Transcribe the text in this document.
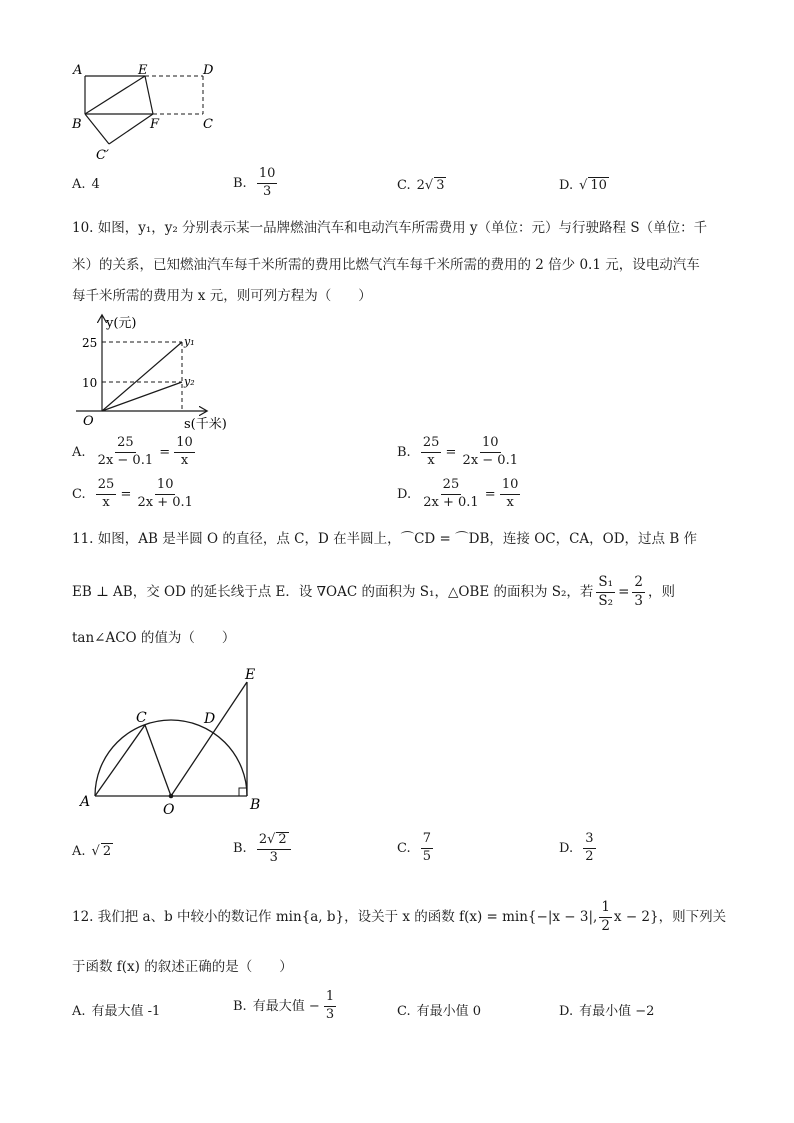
A	E	D
B	F	C
C′
A. 4	B. $\frac{10}{3}$	C. 2√ 3	D. √ 10
10. 如图，y₁，y₂ 分别表示某一品牌燃油汽车和电动汽车所需费用 y（单位：元）与行驶路程 S（单位：千
米）的关系，已知燃油汽车每千米所需的费用比燃气汽车每千米所需的费用的 2 倍少 0.1 元，设电动汽车
每千米所需的费用为 x 元，则可列方程为（　　）
y(元)
s(千米)
25
10
O
y₁
y₂
A. $\frac{25}{2x - 0.1} = \frac{10}{x}$	B. $\frac{25}{x} = \frac{10}{2x - 0.1}$
C. $\frac{25}{x} = \frac{10}{2x + 0.1}$	D. $\frac{25}{2x + 0.1} = \frac{10}{x}$
11. 如图，AB 是半圆 O 的直径，点 C，D 在半圆上，⌒CD = ⌒DB，连接 OC，CA，OD，过点 B 作
EB ⊥ AB，交 OD 的延长线于点 E．设 ∇OAC 的面积为 S₁，△OBE 的面积为 S₂，若 $\frac{\text{S₁}}{\text{S₂}} = \frac{2}{3}$ ，则
tan∠ACO 的值为（　　）
A	B
C	D
E
O
A. √ 2	B. $\frac{2√ 2}{3}$	C. $\frac{7}{5}$	D. $\frac{3}{2}$
12. 我们把 a、b 中较小的数记作 min{a, b}，设关于 x 的函数 f(x) = min{−|x − 3|, $\frac{1}{2}$ x − 2}，则下列关
于函数 f(x) 的叙述正确的是（　　）
A. 有最大值 -1	B. 有最大值 − $\frac{1}{3}$	C. 有最小值 0	D. 有最小值 −2
